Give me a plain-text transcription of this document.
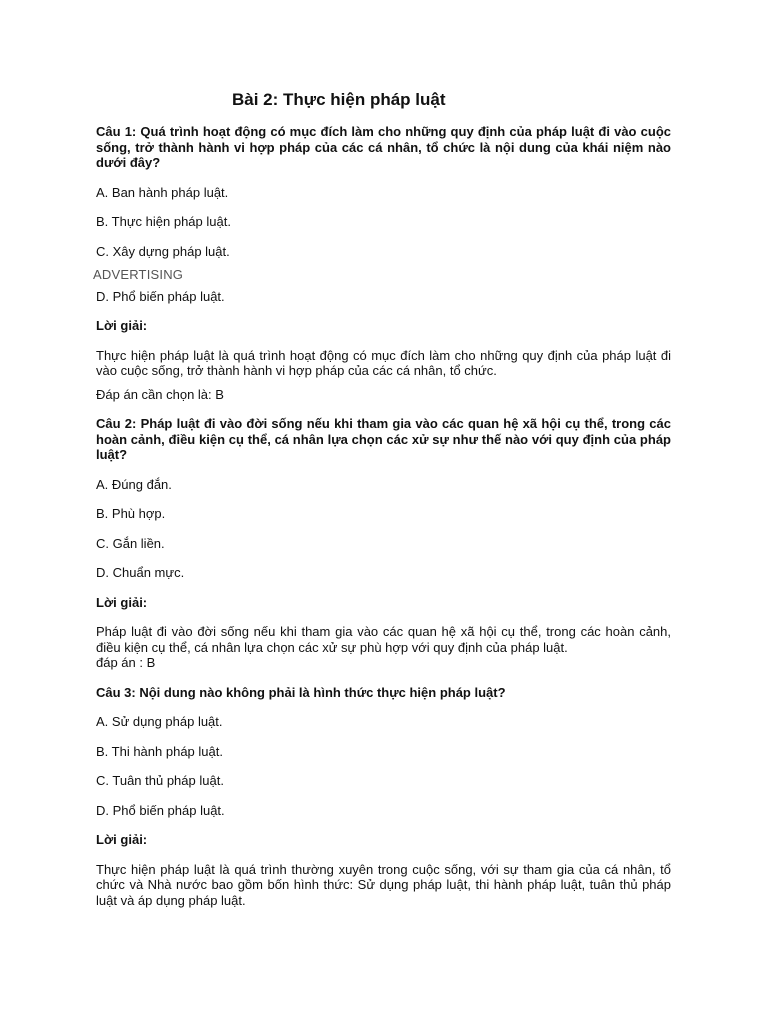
Bài 2: Thực hiện pháp luật

Câu 1: Quá trình hoạt động có mục đích làm cho những quy định của pháp luật đi vào cuộc sống, trở thành hành vi hợp pháp của các cá nhân, tổ chức là nội dung của khái niệm nào dưới đây?

A. Ban hành pháp luật.

B. Thực hiện pháp luật.

C. Xây dựng pháp luật.

ADVERTISING

D. Phổ biến pháp luật.

Lời giải:

Thực hiện pháp luật là quá trình hoạt động có mục đích làm cho những quy định của pháp luật đi vào cuộc sống, trở thành hành vi hợp pháp của các cá nhân, tổ chức.

Đáp án cần chọn là: B

Câu 2: Pháp luật đi vào đời sống nếu khi tham gia vào các quan hệ xã hội cụ thể, trong các hoàn cảnh, điều kiện cụ thể, cá nhân lựa chọn các xử sự như thế nào với quy định của pháp luật?

A. Đúng đắn.

B. Phù hợp.

C. Gắn liền.

D. Chuẩn mực.

Lời giải:

Pháp luật đi vào đời sống nếu khi tham gia vào các quan hệ xã hội cụ thể, trong các hoàn cảnh, điều kiện cụ thể, cá nhân lựa chọn các xử sự phù hợp với quy định của pháp luật.

đáp án : B

Câu 3: Nội dung nào không phải là hình thức thực hiện pháp luật?

A. Sử dụng pháp luật.

B. Thi hành pháp luật.

C. Tuân thủ pháp luật.

D. Phổ biến pháp luật.

Lời giải:

Thực hiện pháp luật là quá trình thường xuyên trong cuộc sống, với sự tham gia của cá nhân, tổ chức và Nhà nước bao gồm bốn hình thức: Sử dụng pháp luật, thi hành pháp luật, tuân thủ pháp luật và áp dụng pháp luật.
